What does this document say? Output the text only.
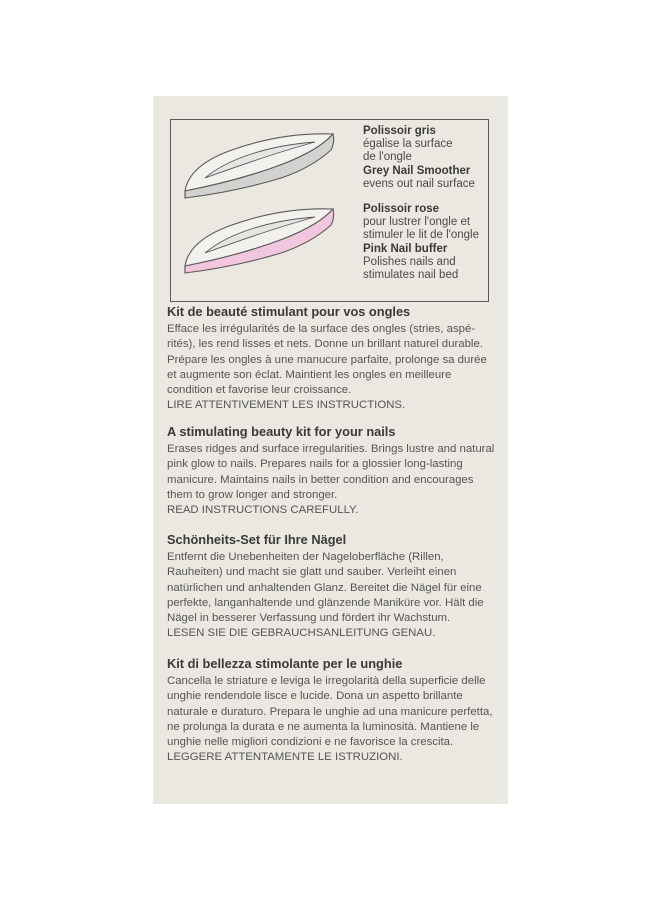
Polissoir gris
égalise la surface
de l'ongle
Grey Nail Smoother
evens out nail surface
Polissoir rose
pour lustrer l'ongle et
stimuler le lit de l'ongle
Pink Nail buffer
Polishes nails and
stimulates nail bed
Kit de beauté stimulant pour vos ongles

Efface les irrégularités de la surface des ongles (stries, aspé-
rités), les rend lisses et nets. Donne un brillant naturel durable.
Prépare les ongles à une manucure parfaite, prolonge sa durée
et augmente son éclat. Maintient les ongles en meilleure
condition et favorise leur croissance.
LIRE ATTENTIVEMENT LES INSTRUCTIONS.

A stimulating beauty kit for your nails

Erases ridges and surface irregularities. Brings lustre and natural
pink glow to nails. Prepares nails for a glossier long-lasting
manicure. Maintains nails in better condition and encourages
them to grow longer and stronger.
READ INSTRUCTIONS CAREFULLY.

Schönheits-Set für Ihre Nägel

Entfernt die Unebenheiten der Nageloberfläche (Rillen,
Rauheiten) und macht sie glatt und sauber. Verleiht einen
natürlichen und anhaltenden Glanz. Bereitet die Nägel für eine
perfekte, langanhaltende und glänzende Maniküre vor. Hält die
Nägel in besserer Verfassung und fördert ihr Wachstum.
LESEN SIE DIE GEBRAUCHSANLEITUNG GENAU.

Kit di bellezza stimolante per le unghie

Cancella le striature e leviga le irregolarità della superficie delle
unghie rendendole lisce e lucide. Dona un aspetto brillante
naturale e duraturo. Prepara le unghie ad una manicure perfetta,
ne prolunga la durata e ne aumenta la luminosità. Mantiene le
unghie nelle migliori condizioni e ne favorisce la crescita.
LEGGERE ATTENTAMENTE LE ISTRUZIONI.
